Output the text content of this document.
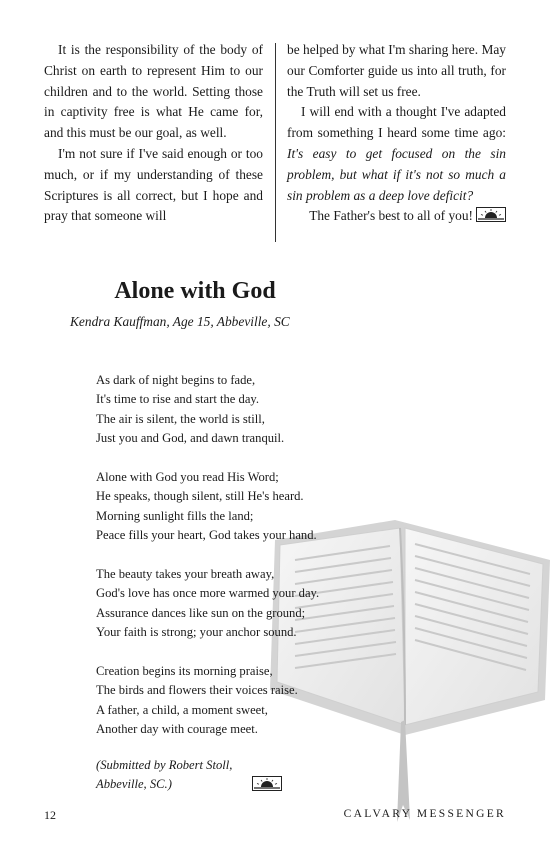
It is the responsibility of the body of Christ on earth to represent Him to our children and to the world. Setting those in captivity free is what He came for, and this must be our goal, as well.

I'm not sure if I've said enough or too much, or if my understanding of these Scriptures is all correct, but I hope and pray that someone will

be helped by what I'm sharing here. May our Comforter guide us into all truth, for the Truth will set us free.

I will end with a thought I've adapted from something I heard some time ago: It's easy to get focused on the sin problem, but what if it's not so much a sin problem as a deep love deficit?

The Father's best to all of you!

Alone with God
Kendra Kauffman, Age 15, Abbeville, SC
As dark of night begins to fade,
It's time to rise and start the day.
The air is silent, the world is still,
Just you and God, and dawn tranquil.
Alone with God you read His Word;
He speaks, though silent, still He's heard.
Morning sunlight fills the land;
Peace fills your heart, God takes your hand.
The beauty takes your breath away,
God's love has once more warmed your day.
Assurance dances like sun on the ground;
Your faith is strong; your anchor sound.
Creation begins its morning praise,
The birds and flowers their voices raise.
A father, a child, a moment sweet,
Another day with courage meet.
(Submitted by Robert Stoll,
Abbeville, SC.)
12	CALVARY MESSENGER
